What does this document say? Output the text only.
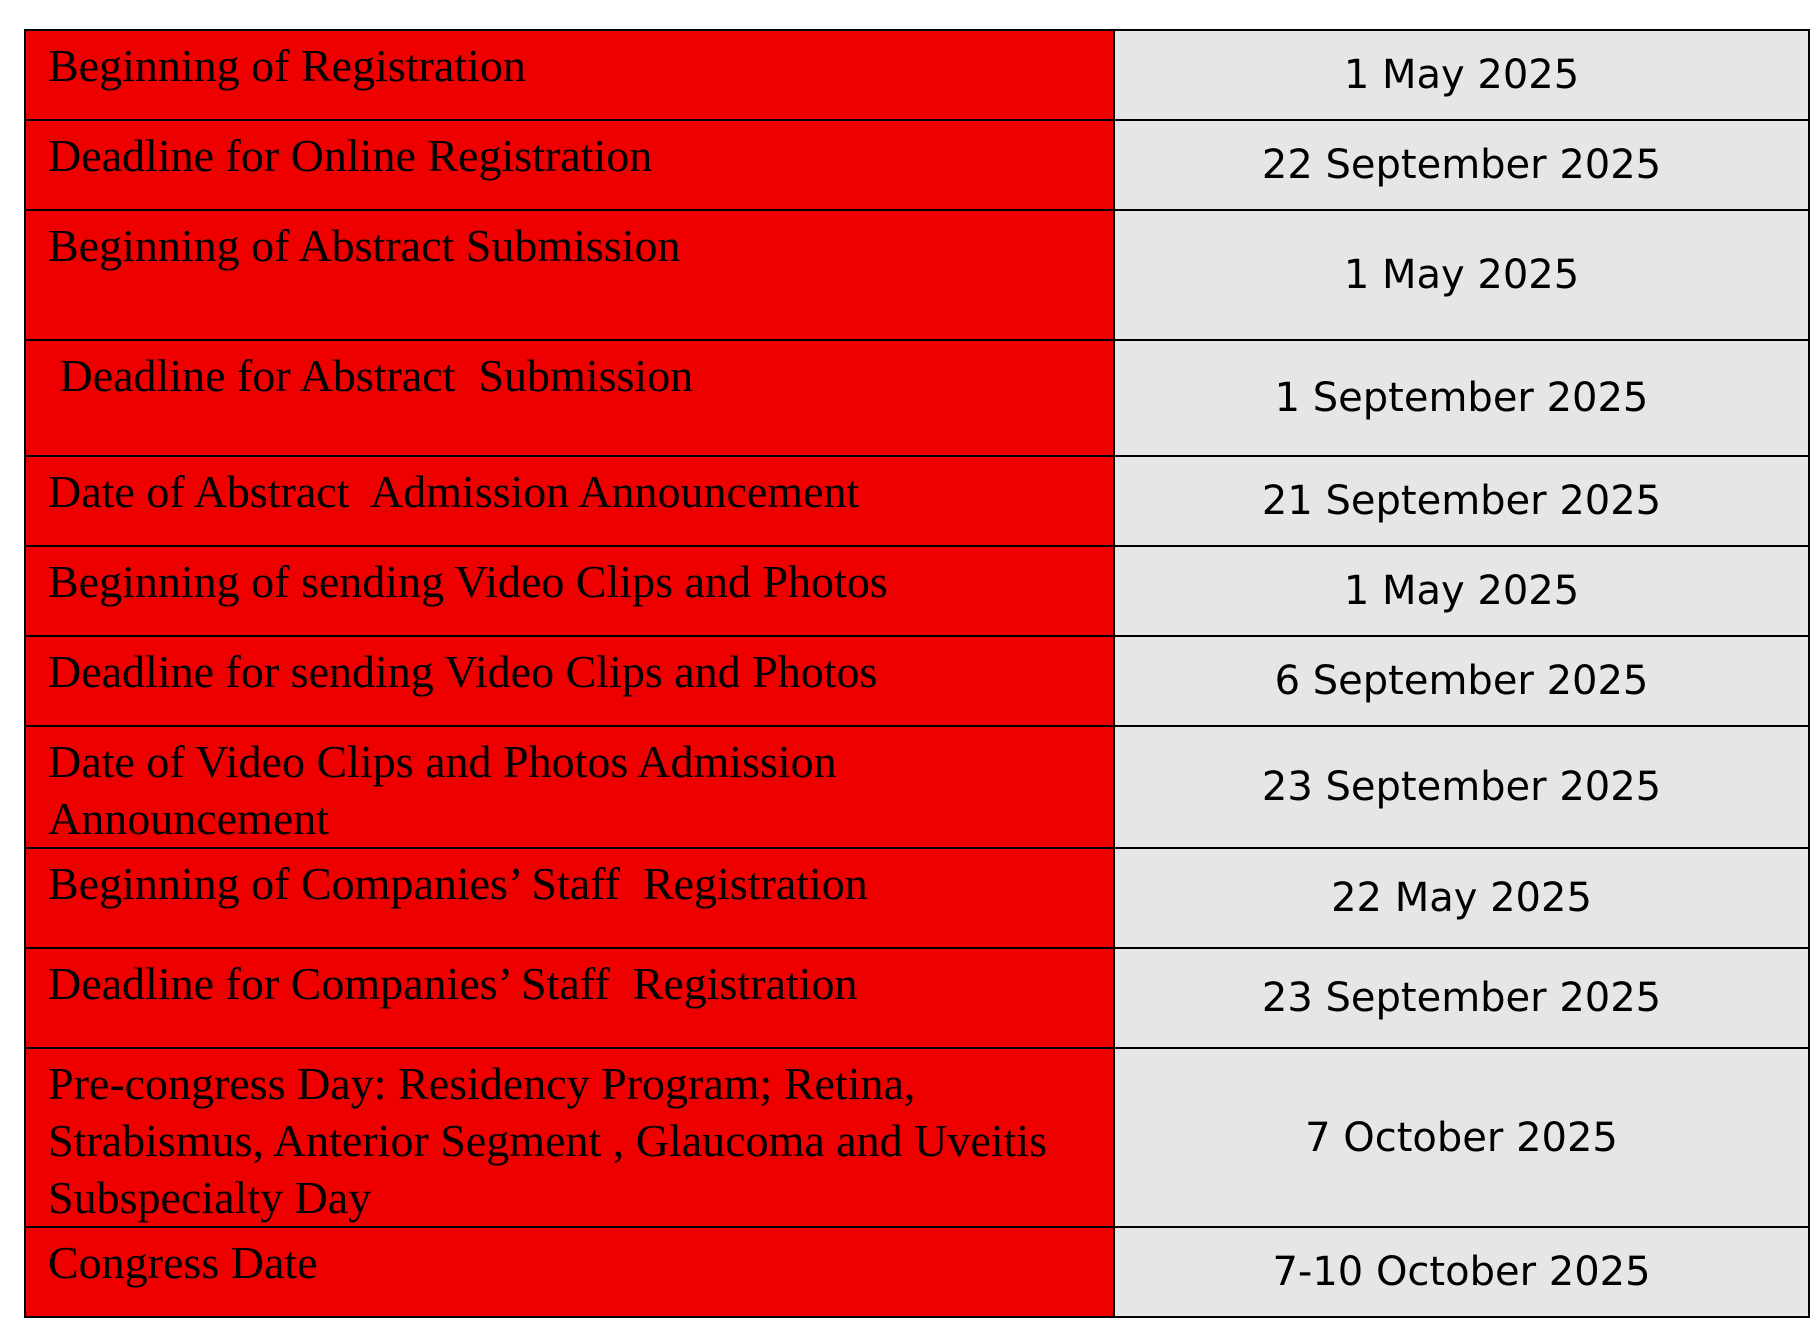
Beginning of Registration	1 May 2025
Deadline for Online Registration	22 September 2025
Beginning of Abstract Submission	1 May 2025
Deadline for Abstract  Submission	1 September 2025
Date of Abstract  Admission Announcement	21 September 2025
Beginning of sending Video Clips and Photos	1 May 2025
Deadline for sending Video Clips and Photos	6 September 2025
Date of Video Clips and Photos Admission Announcement	23 September 2025
Beginning of Companies’ Staff  Registration	22 May 2025
Deadline for Companies’ Staff  Registration	23 September 2025
Pre-congress Day: Residency Program; Retina, Strabismus, Anterior Segment , Glaucoma and Uveitis Subspecialty Day	7 October 2025
Congress Date	7-10 October 2025
